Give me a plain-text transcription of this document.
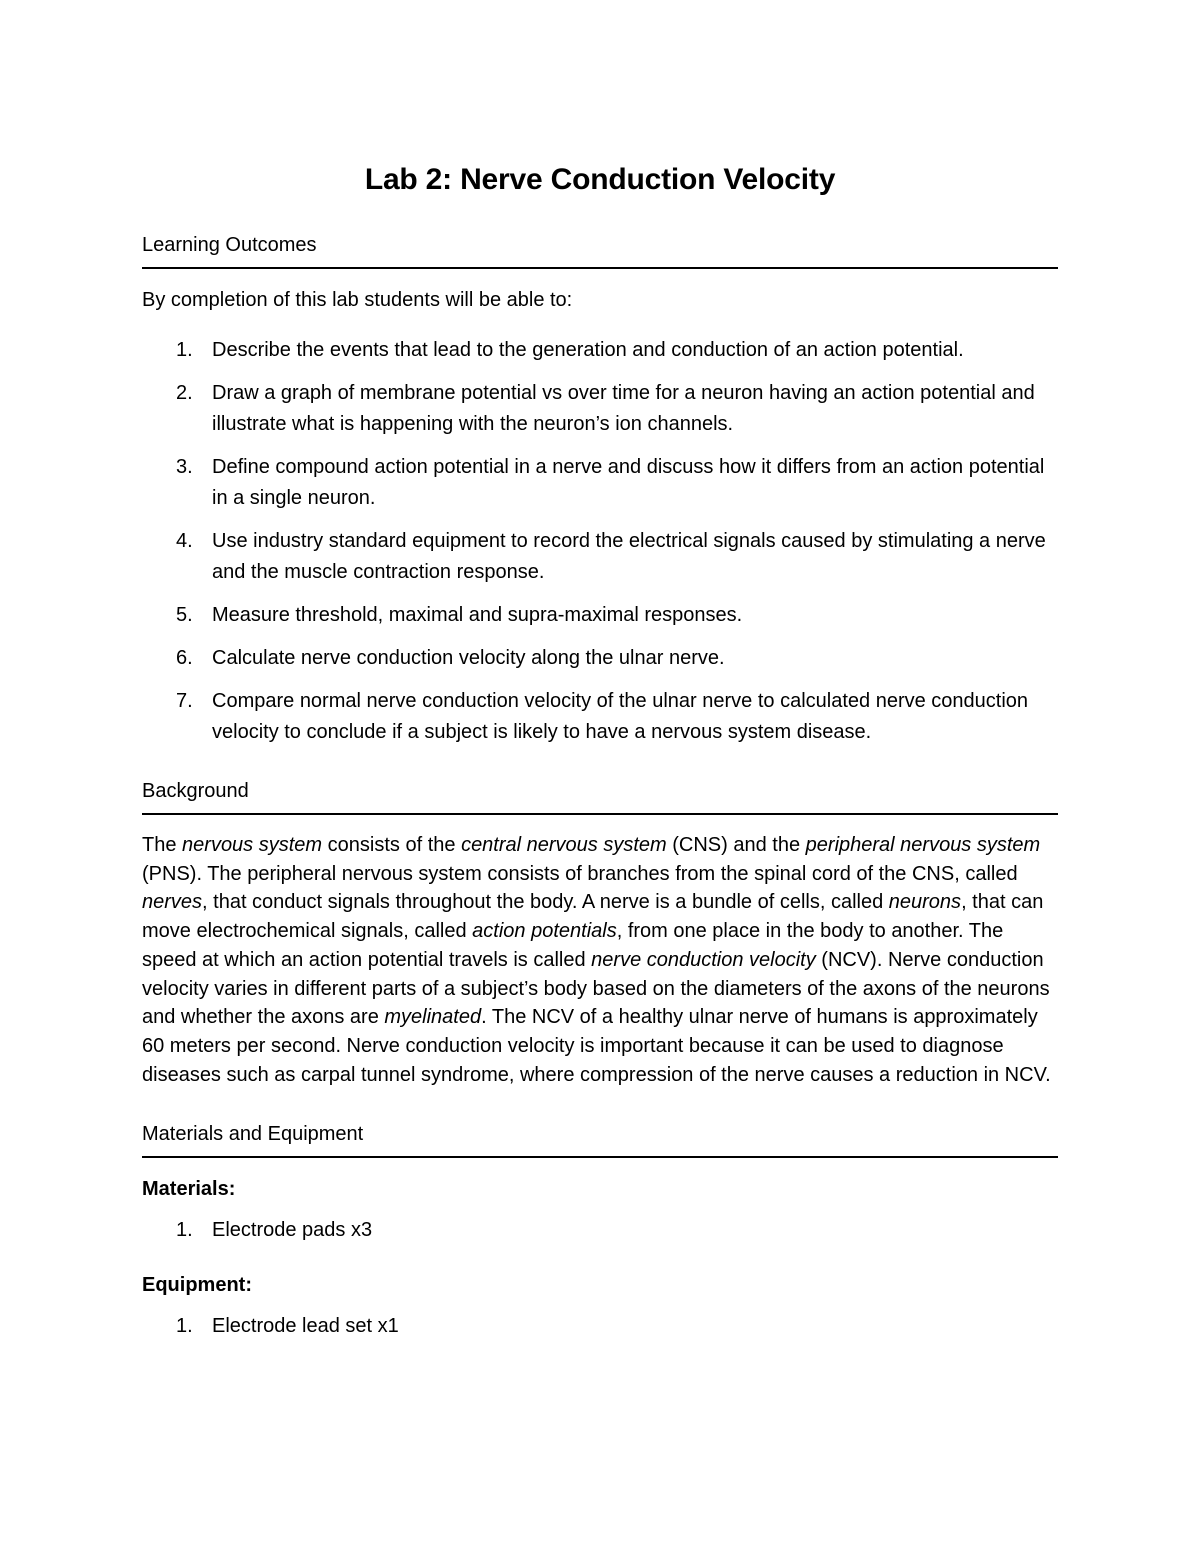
Lab 2: Nerve Conduction Velocity
Learning Outcomes
By completion of this lab students will be able to:
1. Describe the events that lead to the generation and conduction of an action potential.
2. Draw a graph of membrane potential vs over time for a neuron having an action potential and illustrate what is happening with the neuron’s ion channels.
3. Define compound action potential in a nerve and discuss how it differs from an action potential in a single neuron.
4. Use industry standard equipment to record the electrical signals caused by stimulating a nerve and the muscle contraction response.
5. Measure threshold, maximal and supra-maximal responses.
6. Calculate nerve conduction velocity along the ulnar nerve.
7. Compare normal nerve conduction velocity of the ulnar nerve to calculated nerve conduction velocity to conclude if a subject is likely to have a nervous system disease.
Background

The nervous system consists of the central nervous system (CNS) and the peripheral nervous system (PNS). The peripheral nervous system consists of branches from the spinal cord of the CNS, called nerves, that conduct signals throughout the body. A nerve is a bundle of cells, called neurons, that can move electrochemical signals, called action potentials, from one place in the body to another. The speed at which an action potential travels is called nerve conduction velocity (NCV). Nerve conduction velocity varies in different parts of a subject’s body based on the diameters of the axons of the neurons and whether the axons are myelinated. The NCV of a healthy ulnar nerve of humans is approximately 60 meters per second. Nerve conduction velocity is important because it can be used to diagnose diseases such as carpal tunnel syndrome, where compression of the nerve causes a reduction in NCV.

Materials and Equipment
Materials:
1. Electrode pads x3
Equipment:
1. Electrode lead set x1
